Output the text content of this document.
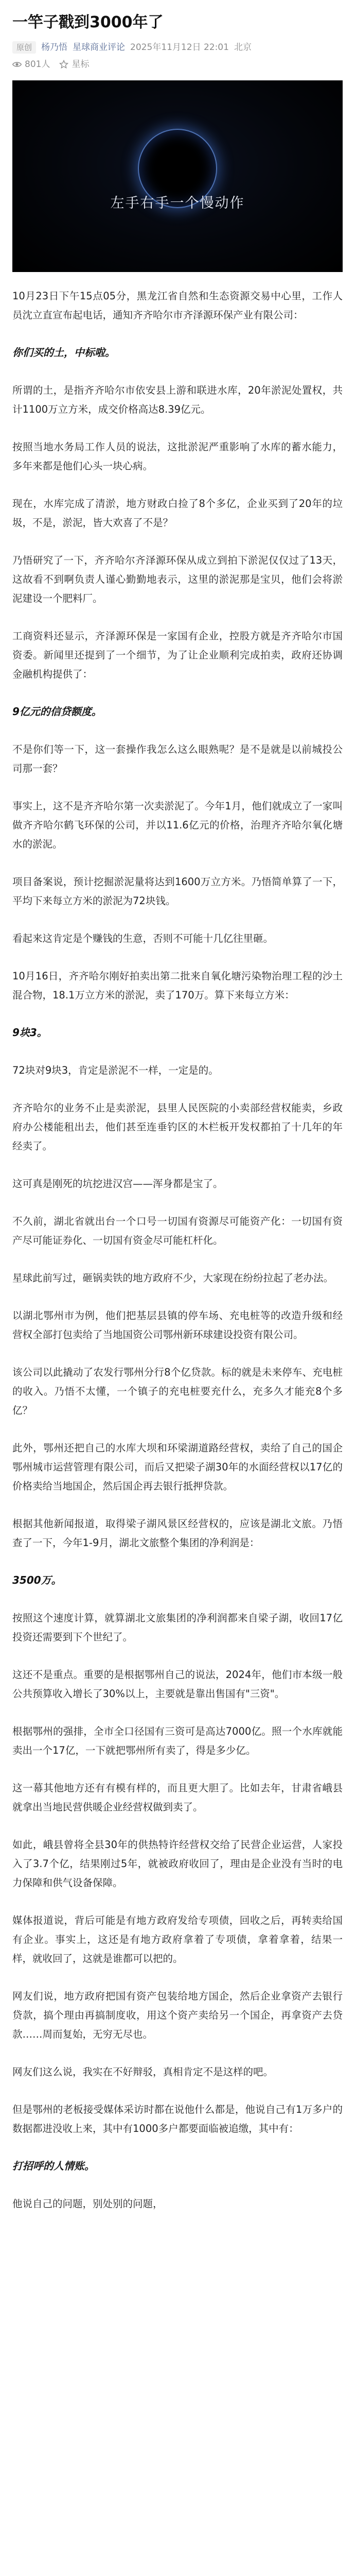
一竿子戳到3000年了
原创	杨乃悟 星球商业评论 2025年11月12日 22:01 北京
801人 星标
左手右手一个慢动作
10月23日下午15点05分，黑龙江省自然和生态资源交易中心里，工作人员沈立直宣布起电话，通知齐齐哈尔市齐泽源环保产业有限公司：
你们买的土，中标啦。
所谓的土，是指齐齐哈尔市依安县上游和联进水库，20年淤泥处置权，共计1100万立方米，成交价格高达8.39亿元。
按照当地水务局工作人员的说法，这批淤泥严重影响了水库的蓄水能力，多年来都是他们心头一块心病。
现在，水库完成了清淤，地方财政白捡了8个多亿，企业买到了20年的垃圾，不是，淤泥，皆大欢喜了不是？
乃悟研究了一下，齐齐哈尔齐泽源环保从成立到拍下淤泥仅仅过了13天，这故看不到啊负责人谨心勤勤地表示，这里的淤泥那是宝贝，他们会将淤泥建设一个肥料厂。
工商资料还显示，齐泽源环保是一家国有企业，控股方就是齐齐哈尔市国资委。新闻里还提到了一个细节，为了让企业顺利完成拍卖，政府还协调金融机构提供了：
9亿元的信贷额度。
不是你们等一下，这一套操作我怎么这么眼熟呢？是不是就是以前城投公司那一套？
事实上，这不是齐齐哈尔第一次卖淤泥了。今年1月，他们就成立了一家叫做齐齐哈尔鹤飞环保的公司，并以11.6亿元的价格，治理齐齐哈尔氧化塘水的淤泥。
项目备案说，预计挖掘淤泥量将达到1600万立方米。乃悟简单算了一下，平均下来每立方米的淤泥为72块钱。
看起来这肯定是个赚钱的生意，否则不可能十几亿往里砸。
10月16日，齐齐哈尔刚好拍卖出第二批来自氧化塘污染物治理工程的沙土混合物，18.1万立方米的淤泥，卖了170万。算下来每立方米：
9块3。
72块对9块3，肯定是淤泥不一样，一定是的。
齐齐哈尔的业务不止是卖淤泥，县里人民医院的小卖部经营权能卖，乡政府办公楼能租出去，他们甚至连垂钓区的木栏板开发权都拍了十几年的年经卖了。
这可真是刚死的坑挖进汉宫——浑身都是宝了。
不久前，湖北省就出台一个口号一切国有资源尽可能资产化：一切国有资产尽可能证券化、一切国有资金尽可能杠杆化。
星球此前写过，砸锅卖铁的地方政府不少，大家现在纷纷拉起了老办法。
以湖北鄂州市为例，他们把基层县镇的停车场、充电桩等的改造升级和经营权全部打包卖给了当地国资公司鄂州新环球建设投资有限公司。
该公司以此撬动了农发行鄂州分行8个亿贷款。标的就是未来停车、充电桩的收入。乃悟不太懂，一个镇子的充电桩要充什么，充多久才能充8个多亿？
此外，鄂州还把自己的水库大坝和环梁湖道路经营权，卖给了自己的国企鄂州城市运营管理有限公司，而后又把梁子湖30年的水面经营权以17亿的价格卖给当地国企，然后国企再去银行抵押贷款。
根据其他新闻报道，取得梁子湖风景区经营权的，应该是湖北文旅。乃悟查了一下，今年1-9月，湖北文旅整个集团的净利润是：
3500万。
按照这个速度计算，就算湖北文旅集团的净利润都来自梁子湖，收回17亿投资还需要到下个世纪了。
这还不是重点。重要的是根据鄂州自己的说法，2024年，他们市本级一般公共预算收入增长了30%以上，主要就是靠出售国有"三资"。
根据鄂州的强排，全市全口径国有三资可是高达7000亿。照一个水库就能卖出一个17亿，一下就把鄂州所有卖了，得是多少亿。
这一幕其他地方还有有模有样的，而且更大胆了。比如去年，甘肃省峨县就拿出当地民营供暖企业经营权做到卖了。
如此，峨县曾将全县30年的供热特许经营权交给了民营企业运营，人家投入了3.7个亿，结果刚过5年，就被政府收回了，理由是企业没有当时的电力保障和供气设备保障。
媒体报道说，背后可能是有地方政府发给专项债，回收之后，再转卖给国有企业。事实上，这还是有地方政府拿着了专项债，拿着拿着，结果一样，就收回了，这就是谁都可以把的。
网友们说，地方政府把国有资产包装给地方国企，然后企业拿资产去银行贷款，搞个理由再搞制度收，用这个资产卖给另一个国企，再拿资产去贷款……周而复始，无穷无尽也。
网友们这么说，我实在不好辩驳，真相肯定不是这样的吧。
但是鄂州的老板接受媒体采访时都在说他什么都是，他说自己有1万多户的数据都进没收上来，其中有1000多户都要面临被追缴，其中有：
打招呼的人情账。
他说自己的问题，别处别的问题，
